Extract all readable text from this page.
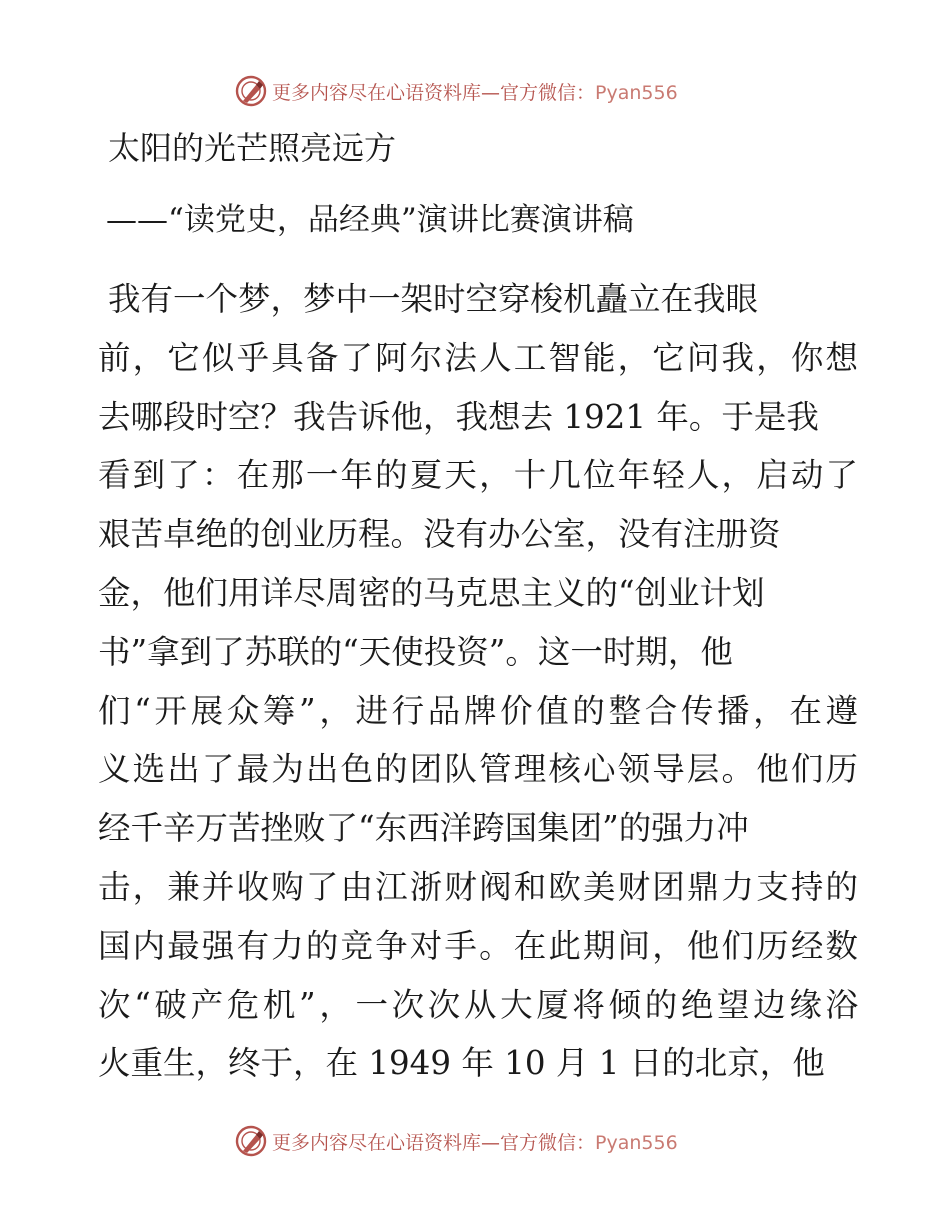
更多内容尽在心语资料库—官方微信：Pyan556
太阳的光芒照亮远方
——“读党史，品经典”演讲比赛演讲稿
我有一个梦，梦中一架时空穿梭机矗立在我眼
前，它似乎具备了阿尔法人工智能，它问我，你想
去哪段时空？我告诉他，我想去 1921 年。于是我
看到了：在那一年的夏天，十几位年轻人，启动了
艰苦卓绝的创业历程。没有办公室，没有注册资
金，他们用详尽周密的马克思主义的“创业计划
书”拿到了苏联的“天使投资”。这一时期，他
们“开展众筹”，进行品牌价值的整合传播，在遵
义选出了最为出色的团队管理核心领导层。他们历
经千辛万苦挫败了“东西洋跨国集团”的强力冲
击，兼并收购了由江浙财阀和欧美财团鼎力支持的
国内最强有力的竞争对手。在此期间，他们历经数
次“破产危机”，一次次从大厦将倾的绝望边缘浴
火重生，终于，在 1949 年 10 月 1 日的北京，他
更多内容尽在心语资料库—官方微信：Pyan556
